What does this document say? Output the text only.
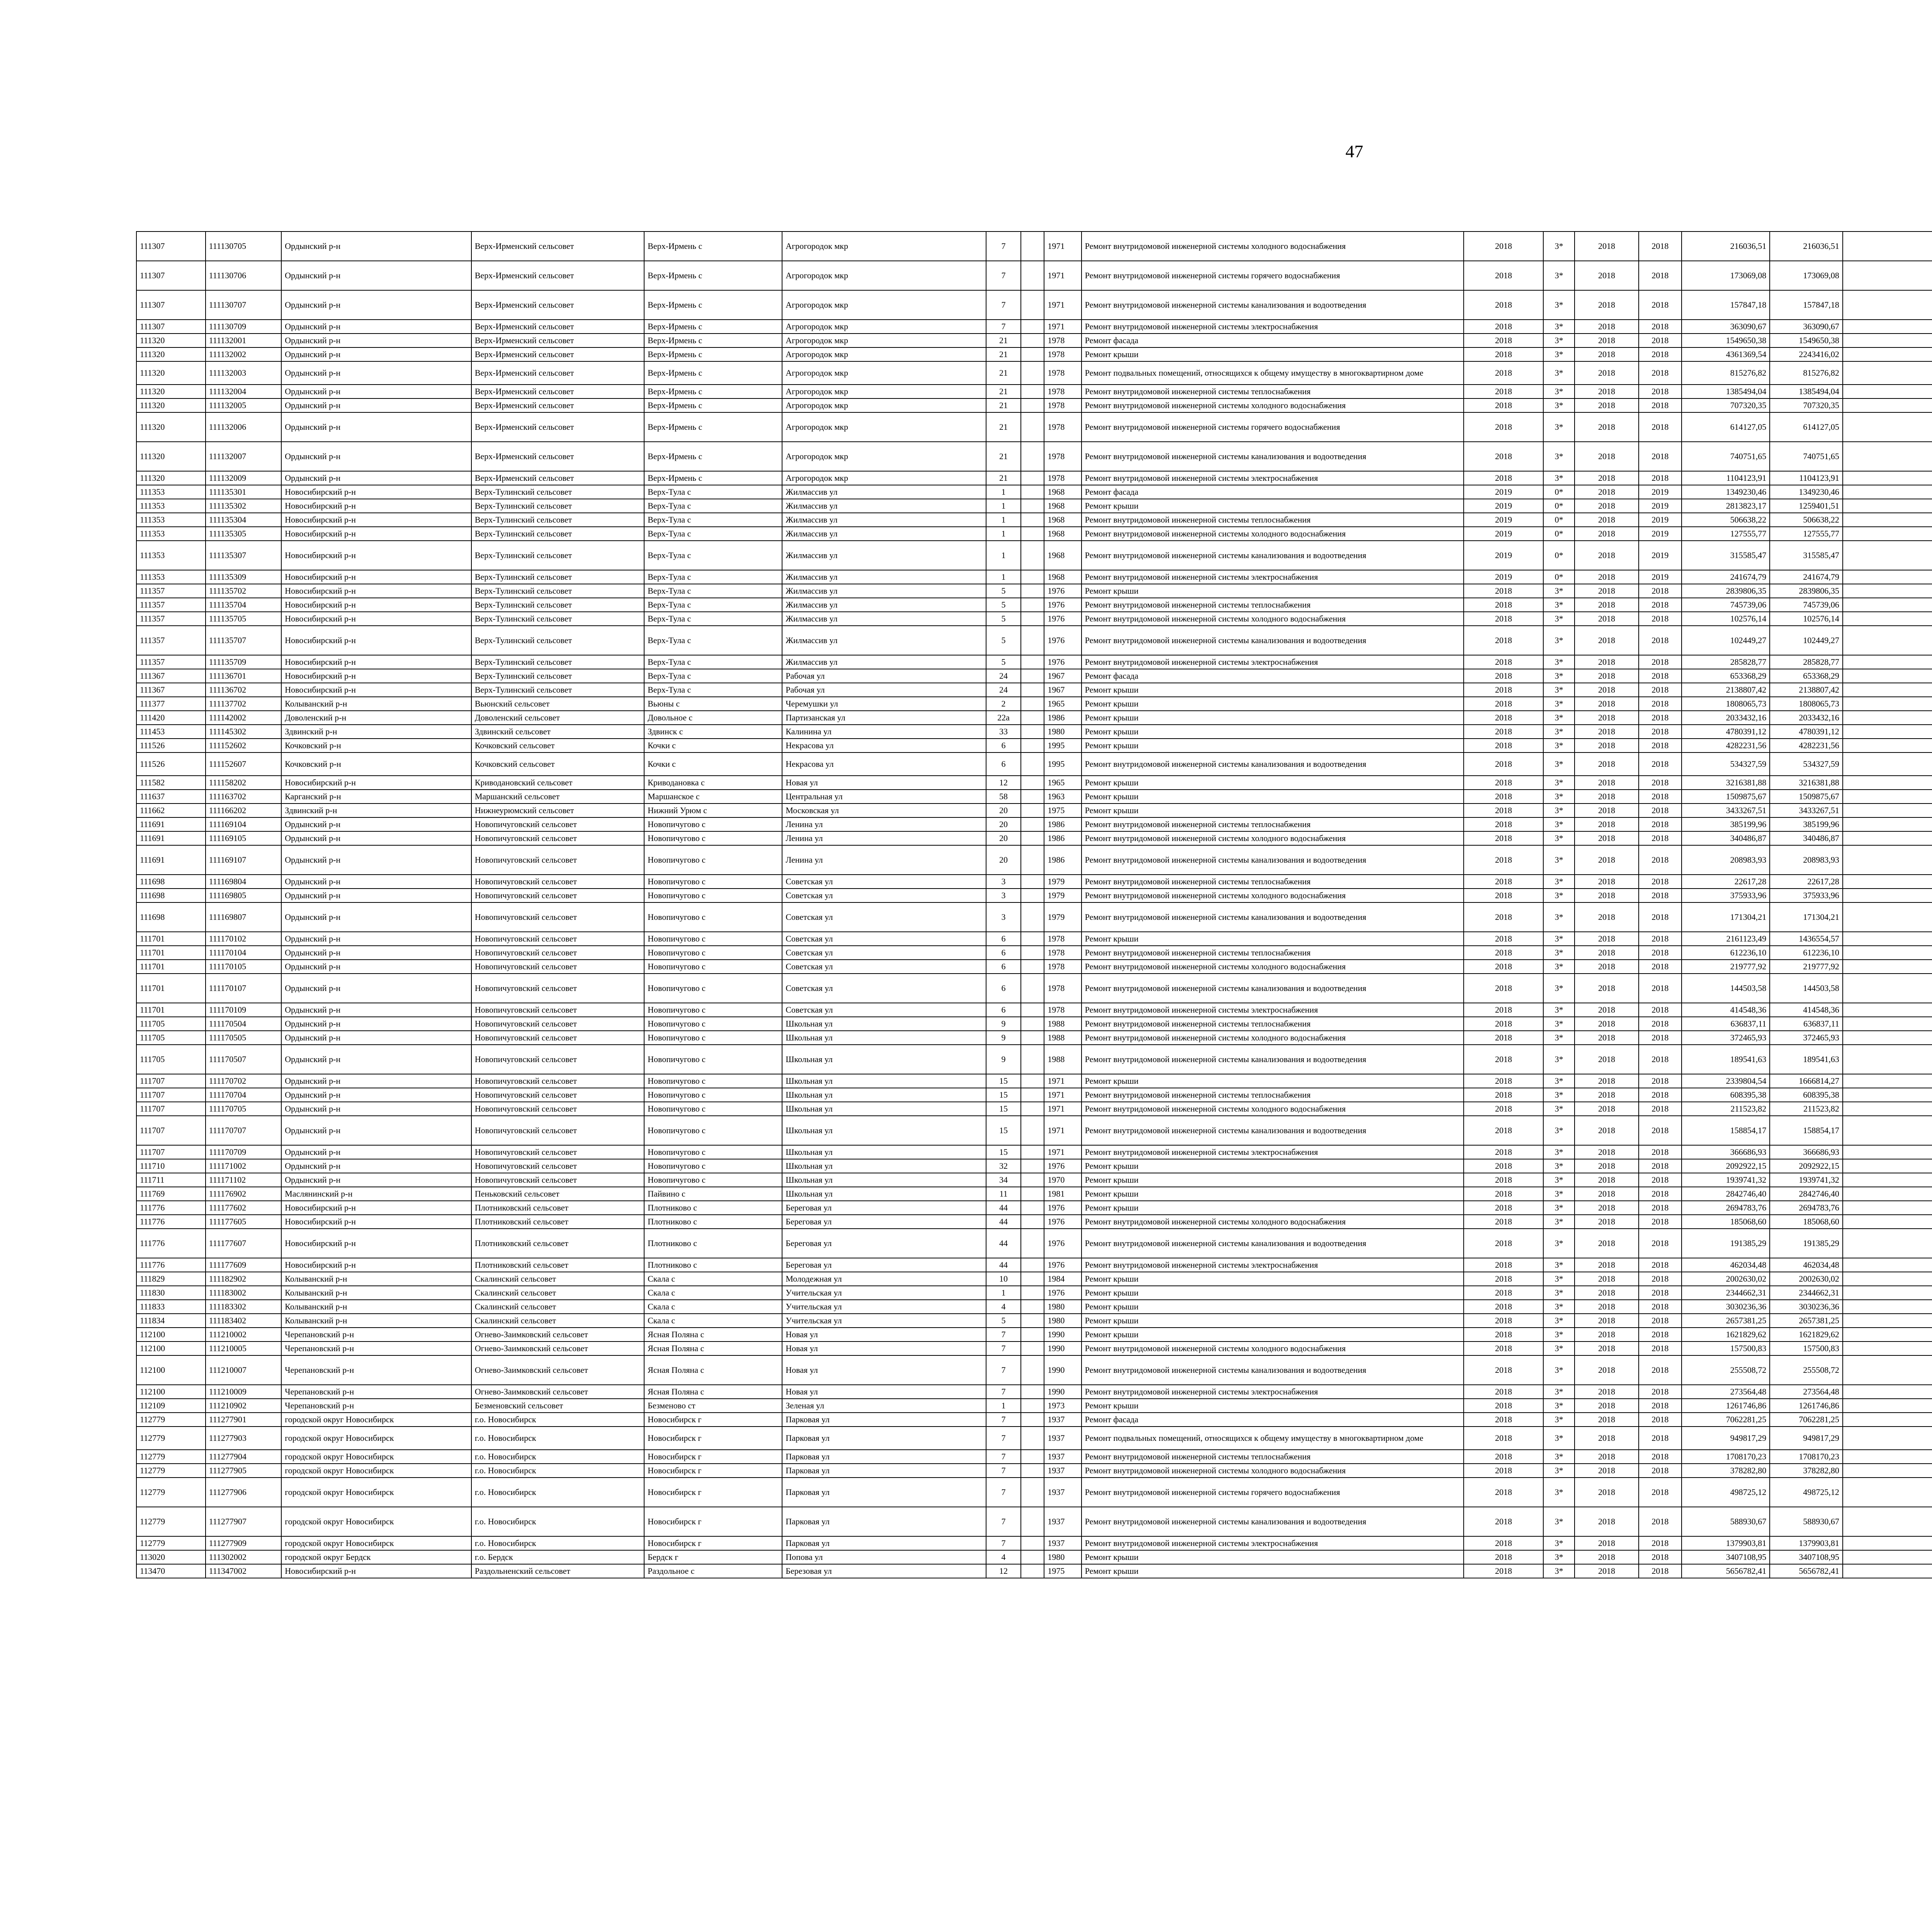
47
111307	111130705	Ордынский р-н	Верх-Ирменский сельсовет	Верх-Ирмень с	Агрогородок мкр	7		1971	Ремонт внутридомовой инженерной системы холодного водоснабжения	2018	3*	2018	2018	216036,51	216036,51											
111307	111130706	Ордынский р-н	Верх-Ирменский сельсовет	Верх-Ирмень с	Агрогородок мкр	7		1971	Ремонт внутридомовой инженерной системы горячего водоснабжения	2018	3*	2018	2018	173069,08	173069,08											
111307	111130707	Ордынский р-н	Верх-Ирменский сельсовет	Верх-Ирмень с	Агрогородок мкр	7		1971	Ремонт внутридомовой инженерной системы канализования и водоотведения	2018	3*	2018	2018	157847,18	157847,18											
111307	111130709	Ордынский р-н	Верх-Ирменский сельсовет	Верх-Ирмень с	Агрогородок мкр	7		1971	Ремонт внутридомовой инженерной системы электроснабжения	2018	3*	2018	2018	363090,67	363090,67											
111320	111132001	Ордынский р-н	Верх-Ирменский сельсовет	Верх-Ирмень с	Агрогородок мкр	21		1978	Ремонт фасада	2018	3*	2018	2018	1549650,38	1549650,38											
111320	111132002	Ордынский р-н	Верх-Ирменский сельсовет	Верх-Ирмень с	Агрогородок мкр	21		1978	Ремонт крыши	2018	3*	2018	2018	4361369,54	2243416,02											
111320	111132003	Ордынский р-н	Верх-Ирменский сельсовет	Верх-Ирмень с	Агрогородок мкр	21		1978	Ремонт подвальных помещений, относящихся к общему имуществу в многоквартирном доме	2018	3*	2018	2018	815276,82	815276,82											
111320	111132004	Ордынский р-н	Верх-Ирменский сельсовет	Верх-Ирмень с	Агрогородок мкр	21		1978	Ремонт внутридомовой инженерной системы теплоснабжения	2018	3*	2018	2018	1385494,04	1385494,04											
111320	111132005	Ордынский р-н	Верх-Ирменский сельсовет	Верх-Ирмень с	Агрогородок мкр	21		1978	Ремонт внутридомовой инженерной системы холодного водоснабжения	2018	3*	2018	2018	707320,35	707320,35											
111320	111132006	Ордынский р-н	Верх-Ирменский сельсовет	Верх-Ирмень с	Агрогородок мкр	21		1978	Ремонт внутридомовой инженерной системы горячего водоснабжения	2018	3*	2018	2018	614127,05	614127,05											
111320	111132007	Ордынский р-н	Верх-Ирменский сельсовет	Верх-Ирмень с	Агрогородок мкр	21		1978	Ремонт внутридомовой инженерной системы канализования и водоотведения	2018	3*	2018	2018	740751,65	740751,65											
111320	111132009	Ордынский р-н	Верх-Ирменский сельсовет	Верх-Ирмень с	Агрогородок мкр	21		1978	Ремонт внутридомовой инженерной системы электроснабжения	2018	3*	2018	2018	1104123,91	1104123,91											
111353	111135301	Новосибирский р-н	Верх-Тулинский сельсовет	Верх-Тула с	Жилмассив ул	1		1968	Ремонт фасада	2019	0*	2018	2019	1349230,46	1349230,46											
111353	111135302	Новосибирский р-н	Верх-Тулинский сельсовет	Верх-Тула с	Жилмассив ул	1		1968	Ремонт крыши	2019	0*	2018	2019	2813823,17	1259401,51											
111353	111135304	Новосибирский р-н	Верх-Тулинский сельсовет	Верх-Тула с	Жилмассив ул	1		1968	Ремонт внутридомовой инженерной системы теплоснабжения	2019	0*	2018	2019	506638,22	506638,22											
111353	111135305	Новосибирский р-н	Верх-Тулинский сельсовет	Верх-Тула с	Жилмассив ул	1		1968	Ремонт внутридомовой инженерной системы холодного водоснабжения	2019	0*	2018	2019	127555,77	127555,77											
111353	111135307	Новосибирский р-н	Верх-Тулинский сельсовет	Верх-Тула с	Жилмассив ул	1		1968	Ремонт внутридомовой инженерной системы канализования и водоотведения	2019	0*	2018	2019	315585,47	315585,47											
111353	111135309	Новосибирский р-н	Верх-Тулинский сельсовет	Верх-Тула с	Жилмассив ул	1		1968	Ремонт внутридомовой инженерной системы электроснабжения	2019	0*	2018	2019	241674,79	241674,79											
111357	111135702	Новосибирский р-н	Верх-Тулинский сельсовет	Верх-Тула с	Жилмассив ул	5		1976	Ремонт крыши	2018	3*	2018	2018	2839806,35	2839806,35											
111357	111135704	Новосибирский р-н	Верх-Тулинский сельсовет	Верх-Тула с	Жилмассив ул	5		1976	Ремонт внутридомовой инженерной системы теплоснабжения	2018	3*	2018	2018	745739,06	745739,06											
111357	111135705	Новосибирский р-н	Верх-Тулинский сельсовет	Верх-Тула с	Жилмассив ул	5		1976	Ремонт внутридомовой инженерной системы холодного водоснабжения	2018	3*	2018	2018	102576,14	102576,14											
111357	111135707	Новосибирский р-н	Верх-Тулинский сельсовет	Верх-Тула с	Жилмассив ул	5		1976	Ремонт внутридомовой инженерной системы канализования и водоотведения	2018	3*	2018	2018	102449,27	102449,27											
111357	111135709	Новосибирский р-н	Верх-Тулинский сельсовет	Верх-Тула с	Жилмассив ул	5		1976	Ремонт внутридомовой инженерной системы электроснабжения	2018	3*	2018	2018	285828,77	285828,77											
111367	111136701	Новосибирский р-н	Верх-Тулинский сельсовет	Верх-Тула с	Рабочая ул	24		1967	Ремонт фасада	2018	3*	2018	2018	653368,29	653368,29											
111367	111136702	Новосибирский р-н	Верх-Тулинский сельсовет	Верх-Тула с	Рабочая ул	24		1967	Ремонт крыши	2018	3*	2018	2018	2138807,42	2138807,42											
111377	111137702	Колыванский р-н	Вьюнский сельсовет	Вьюны с	Черемушки ул	2		1965	Ремонт крыши	2018	3*	2018	2018	1808065,73	1808065,73											
111420	111142002	Доволенский р-н	Доволенский сельсовет	Довольное с	Партизанская ул	22а		1986	Ремонт крыши	2018	3*	2018	2018	2033432,16	2033432,16											
111453	111145302	Здвинский р-н	Здвинский сельсовет	Здвинск с	Калинина ул	33		1980	Ремонт крыши	2018	3*	2018	2018	4780391,12	4780391,12											
111526	111152602	Кочковский р-н	Кочковский сельсовет	Кочки с	Некрасова ул	6		1995	Ремонт крыши	2018	3*	2018	2018	4282231,56	4282231,56											
111526	111152607	Кочковский р-н	Кочковский сельсовет	Кочки с	Некрасова ул	6		1995	Ремонт внутридомовой инженерной системы канализования и водоотведения	2018	3*	2018	2018	534327,59	534327,59											
111582	111158202	Новосибирский р-н	Криводановский сельсовет	Криводановка с	Новая ул	12		1965	Ремонт крыши	2018	3*	2018	2018	3216381,88	3216381,88											
111637	111163702	Карганский р-н	Маршанский сельсовет	Маршанское с	Центральная ул	58		1963	Ремонт крыши	2018	3*	2018	2018	1509875,67	1509875,67											
111662	111166202	Здвинский р-н	Нижнеурюмский сельсовет	Нижний Урюм с	Московская ул	20		1975	Ремонт крыши	2018	3*	2018	2018	3433267,51	3433267,51											
111691	111169104	Ордынский р-н	Новопичуговский сельсовет	Новопичугово с	Ленина ул	20		1986	Ремонт внутридомовой инженерной системы теплоснабжения	2018	3*	2018	2018	385199,96	385199,96											
111691	111169105	Ордынский р-н	Новопичуговский сельсовет	Новопичугово с	Ленина ул	20		1986	Ремонт внутридомовой инженерной системы холодного водоснабжения	2018	3*	2018	2018	340486,87	340486,87											
111691	111169107	Ордынский р-н	Новопичуговский сельсовет	Новопичугово с	Ленина ул	20		1986	Ремонт внутридомовой инженерной системы канализования и водоотведения	2018	3*	2018	2018	208983,93	208983,93											
111698	111169804	Ордынский р-н	Новопичуговский сельсовет	Новопичугово с	Советская ул	3		1979	Ремонт внутридомовой инженерной системы теплоснабжения	2018	3*	2018	2018	22617,28	22617,28											
111698	111169805	Ордынский р-н	Новопичуговский сельсовет	Новопичугово с	Советская ул	3		1979	Ремонт внутридомовой инженерной системы холодного водоснабжения	2018	3*	2018	2018	375933,96	375933,96											
111698	111169807	Ордынский р-н	Новопичуговский сельсовет	Новопичугово с	Советская ул	3		1979	Ремонт внутридомовой инженерной системы канализования и водоотведения	2018	3*	2018	2018	171304,21	171304,21											
111701	111170102	Ордынский р-н	Новопичуговский сельсовет	Новопичугово с	Советская ул	6		1978	Ремонт крыши	2018	3*	2018	2018	2161123,49	1436554,57											
111701	111170104	Ордынский р-н	Новопичуговский сельсовет	Новопичугово с	Советская ул	6		1978	Ремонт внутридомовой инженерной системы теплоснабжения	2018	3*	2018	2018	612236,10	612236,10											
111701	111170105	Ордынский р-н	Новопичуговский сельсовет	Новопичугово с	Советская ул	6		1978	Ремонт внутридомовой инженерной системы холодного водоснабжения	2018	3*	2018	2018	219777,92	219777,92											
111701	111170107	Ордынский р-н	Новопичуговский сельсовет	Новопичугово с	Советская ул	6		1978	Ремонт внутридомовой инженерной системы канализования и водоотведения	2018	3*	2018	2018	144503,58	144503,58											
111701	111170109	Ордынский р-н	Новопичуговский сельсовет	Новопичугово с	Советская ул	6		1978	Ремонт внутридомовой инженерной системы электроснабжения	2018	3*	2018	2018	414548,36	414548,36											
111705	111170504	Ордынский р-н	Новопичуговский сельсовет	Новопичугово с	Школьная ул	9		1988	Ремонт внутридомовой инженерной системы теплоснабжения	2018	3*	2018	2018	636837,11	636837,11											
111705	111170505	Ордынский р-н	Новопичуговский сельсовет	Новопичугово с	Школьная ул	9		1988	Ремонт внутридомовой инженерной системы холодного водоснабжения	2018	3*	2018	2018	372465,93	372465,93											
111705	111170507	Ордынский р-н	Новопичуговский сельсовет	Новопичугово с	Школьная ул	9		1988	Ремонт внутридомовой инженерной системы канализования и водоотведения	2018	3*	2018	2018	189541,63	189541,63											
111707	111170702	Ордынский р-н	Новопичуговский сельсовет	Новопичугово с	Школьная ул	15		1971	Ремонт крыши	2018	3*	2018	2018	2339804,54	1666814,27											
111707	111170704	Ордынский р-н	Новопичуговский сельсовет	Новопичугово с	Школьная ул	15		1971	Ремонт внутридомовой инженерной системы теплоснабжения	2018	3*	2018	2018	608395,38	608395,38											
111707	111170705	Ордынский р-н	Новопичуговский сельсовет	Новопичугово с	Школьная ул	15		1971	Ремонт внутридомовой инженерной системы холодного водоснабжения	2018	3*	2018	2018	211523,82	211523,82											
111707	111170707	Ордынский р-н	Новопичуговский сельсовет	Новопичугово с	Школьная ул	15		1971	Ремонт внутридомовой инженерной системы канализования и водоотведения	2018	3*	2018	2018	158854,17	158854,17											
111707	111170709	Ордынский р-н	Новопичуговский сельсовет	Новопичугово с	Школьная ул	15		1971	Ремонт внутридомовой инженерной системы электроснабжения	2018	3*	2018	2018	366686,93	366686,93											
111710	111171002	Ордынский р-н	Новопичуговский сельсовет	Новопичугово с	Школьная ул	32		1976	Ремонт крыши	2018	3*	2018	2018	2092922,15	2092922,15											
111711	111171102	Ордынский р-н	Новопичуговский сельсовет	Новопичугово с	Школьная ул	34		1970	Ремонт крыши	2018	3*	2018	2018	1939741,32	1939741,32											
111769	111176902	Маслянинский р-н	Пеньковский сельсовет	Пайвино с	Школьная ул	11		1981	Ремонт крыши	2018	3*	2018	2018	2842746,40	2842746,40											
111776	111177602	Новосибирский р-н	Плотниковский сельсовет	Плотниково с	Береговая ул	44		1976	Ремонт крыши	2018	3*	2018	2018	2694783,76	2694783,76											
111776	111177605	Новосибирский р-н	Плотниковский сельсовет	Плотниково с	Береговая ул	44		1976	Ремонт внутридомовой инженерной системы холодного водоснабжения	2018	3*	2018	2018	185068,60	185068,60											
111776	111177607	Новосибирский р-н	Плотниковский сельсовет	Плотниково с	Береговая ул	44		1976	Ремонт внутридомовой инженерной системы канализования и водоотведения	2018	3*	2018	2018	191385,29	191385,29											
111776	111177609	Новосибирский р-н	Плотниковский сельсовет	Плотниково с	Береговая ул	44		1976	Ремонт внутридомовой инженерной системы электроснабжения	2018	3*	2018	2018	462034,48	462034,48											
111829	111182902	Колыванский р-н	Скалинский сельсовет	Скала с	Молодежная ул	10		1984	Ремонт крыши	2018	3*	2018	2018	2002630,02	2002630,02											
111830	111183002	Колыванский р-н	Скалинский сельсовет	Скала с	Учительская ул	1		1976	Ремонт крыши	2018	3*	2018	2018	2344662,31	2344662,31											
111833	111183302	Колыванский р-н	Скалинский сельсовет	Скала с	Учительская ул	4		1980	Ремонт крыши	2018	3*	2018	2018	3030236,36	3030236,36											
111834	111183402	Колыванский р-н	Скалинский сельсовет	Скала с	Учительская ул	5		1980	Ремонт крыши	2018	3*	2018	2018	2657381,25	2657381,25											
112100	111210002	Черепановский р-н	Огнево-Заимковский сельсовет	Ясная Поляна с	Новая ул	7		1990	Ремонт крыши	2018	3*	2018	2018	1621829,62	1621829,62											
112100	111210005	Черепановский р-н	Огнево-Заимковский сельсовет	Ясная Поляна с	Новая ул	7		1990	Ремонт внутридомовой инженерной системы холодного водоснабжения	2018	3*	2018	2018	157500,83	157500,83											
112100	111210007	Черепановский р-н	Огнево-Заимковский сельсовет	Ясная Поляна с	Новая ул	7		1990	Ремонт внутридомовой инженерной системы канализования и водоотведения	2018	3*	2018	2018	255508,72	255508,72											
112100	111210009	Черепановский р-н	Огнево-Заимковский сельсовет	Ясная Поляна с	Новая ул	7		1990	Ремонт внутридомовой инженерной системы электроснабжения	2018	3*	2018	2018	273564,48	273564,48											
112109	111210902	Черепановский р-н	Безменовский сельсовет	Безменово ст	Зеленая ул	1		1973	Ремонт крыши	2018	3*	2018	2018	1261746,86	1261746,86											
112779	111277901	городской округ Новосибирск	г.о. Новосибирск	Новосибирск г	Парковая ул	7		1937	Ремонт фасада	2018	3*	2018	2018	7062281,25	7062281,25											
112779	111277903	городской округ Новосибирск	г.о. Новосибирск	Новосибирск г	Парковая ул	7		1937	Ремонт подвальных помещений, относящихся к общему имуществу в многоквартирном доме	2018	3*	2018	2018	949817,29	949817,29											
112779	111277904	городской округ Новосибирск	г.о. Новосибирск	Новосибирск г	Парковая ул	7		1937	Ремонт внутридомовой инженерной системы теплоснабжения	2018	3*	2018	2018	1708170,23	1708170,23											
112779	111277905	городской округ Новосибирск	г.о. Новосибирск	Новосибирск г	Парковая ул	7		1937	Ремонт внутридомовой инженерной системы холодного водоснабжения	2018	3*	2018	2018	378282,80	378282,80											
112779	111277906	городской округ Новосибирск	г.о. Новосибирск	Новосибирск г	Парковая ул	7		1937	Ремонт внутридомовой инженерной системы горячего водоснабжения	2018	3*	2018	2018	498725,12	498725,12											
112779	111277907	городской округ Новосибирск	г.о. Новосибирск	Новосибирск г	Парковая ул	7		1937	Ремонт внутридомовой инженерной системы канализования и водоотведения	2018	3*	2018	2018	588930,67	588930,67											
112779	111277909	городской округ Новосибирск	г.о. Новосибирск	Новосибирск г	Парковая ул	7		1937	Ремонт внутридомовой инженерной системы электроснабжения	2018	3*	2018	2018	1379903,81	1379903,81											
113020	111302002	городской округ Бердск	г.о. Бердск	Бердск г	Попова ул	4		1980	Ремонт крыши	2018	3*	2018	2018	3407108,95	3407108,95											
113470	111347002	Новосибирский р-н	Раздольненский сельсовет	Раздольное с	Березовая ул	12		1975	Ремонт крыши	2018	3*	2018	2018	5656782,41	5656782,41											
